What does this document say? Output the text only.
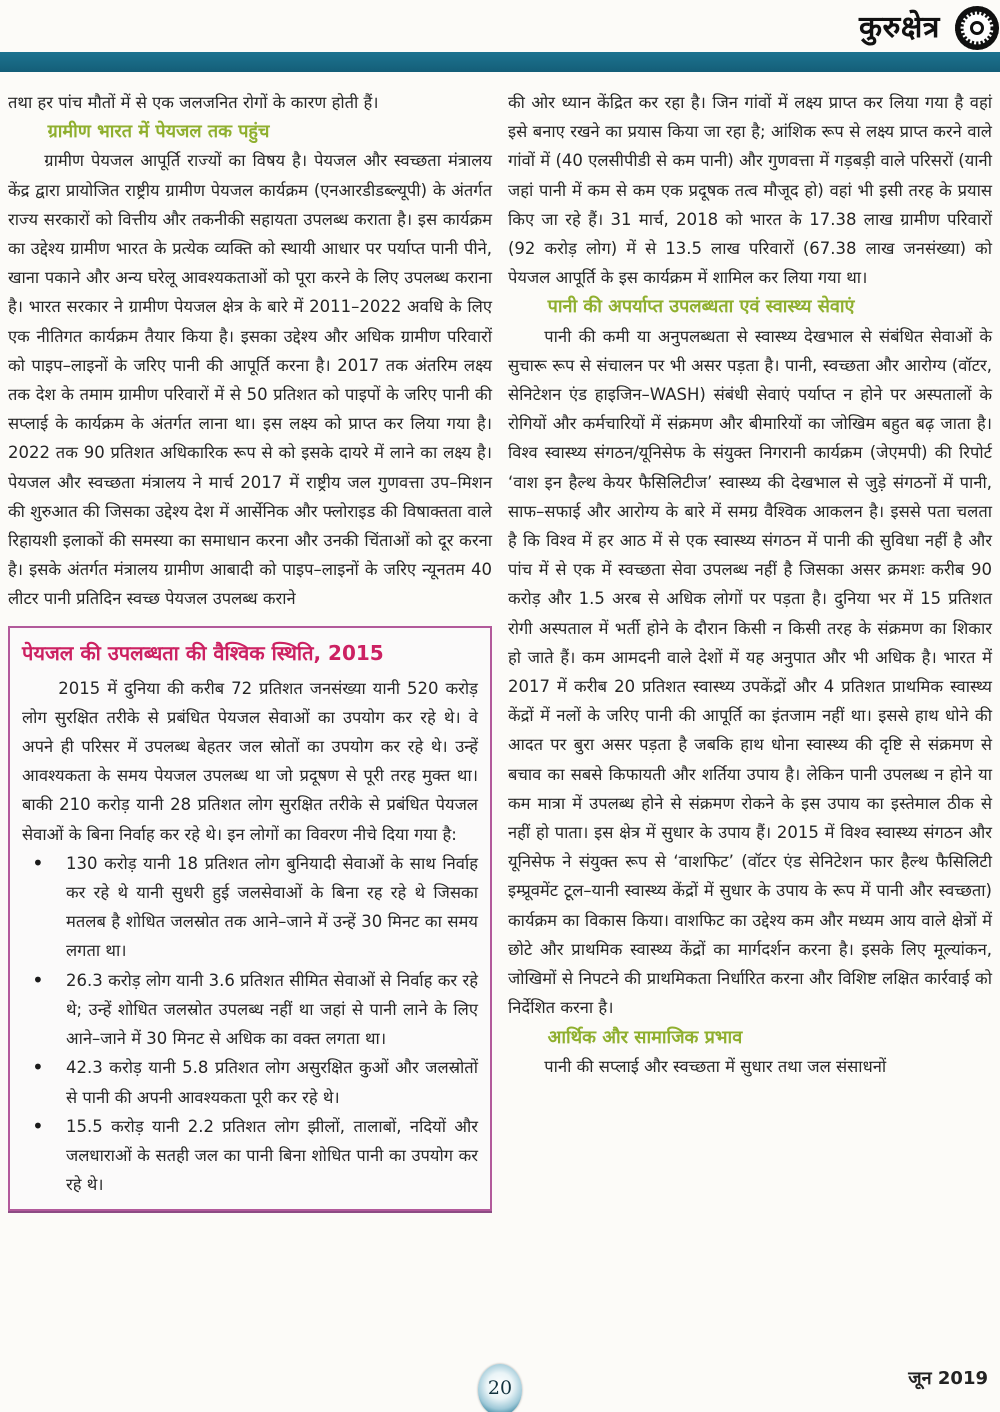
कुरुक्षेत्र

तथा हर पांच मौतों में से एक जलजनित रोगों के कारण होती हैं।

ग्रामीण भारत में पेयजल तक पहुंच

ग्रामीण पेयजल आपूर्ति राज्यों का विषय है। पेयजल और स्वच्छता मंत्रालय केंद्र द्वारा प्रायोजित राष्ट्रीय ग्रामीण पेयजल कार्यक्रम (एनआरडीडब्ल्यूपी) के अंतर्गत राज्य सरकारों को वित्तीय और तकनीकी सहायता उपलब्ध कराता है। इस कार्यक्रम का उद्देश्य ग्रामीण भारत के प्रत्येक व्यक्ति को स्थायी आधार पर पर्याप्त पानी पीने, खाना पकाने और अन्य घरेलू आवश्यकताओं को पूरा करने के लिए उपलब्ध कराना है। भारत सरकार ने ग्रामीण पेयजल क्षेत्र के बारे में 2011–2022 अवधि के लिए एक नीतिगत कार्यक्रम तैयार किया है। इसका उद्देश्य और अधिक ग्रामीण परिवारों को पाइप–लाइनों के जरिए पानी की आपूर्ति करना है। 2017 तक अंतरिम लक्ष्य तक देश के तमाम ग्रामीण परिवारों में से 50 प्रतिशत को पाइपों के जरिए पानी की सप्लाई के कार्यक्रम के अंतर्गत लाना था। इस लक्ष्य को प्राप्त कर लिया गया है। 2022 तक 90 प्रतिशत अधिकारिक रूप से को इसके दायरे में लाने का लक्ष्य है। पेयजल और स्वच्छता मंत्रालय ने मार्च 2017 में राष्ट्रीय जल गुणवत्ता उप–मिशन की शुरुआत की जिसका उद्देश्य देश में आर्सेनिक और फ्लोराइड की विषाक्तता वाले रिहायशी इलाकों की समस्या का समाधान करना और उनकी चिंताओं को दूर करना है। इसके अंतर्गत मंत्रालय ग्रामीण आबादी को पाइप–लाइनों के जरिए न्यूनतम 40 लीटर पानी प्रतिदिन स्वच्छ पेयजल उपलब्ध कराने

पेयजल की उपलब्धता की वैश्विक स्थिति, 2015

2015 में दुनिया की करीब 72 प्रतिशत जनसंख्या यानी 520 करोड़ लोग सुरक्षित तरीके से प्रबंधित पेयजल सेवाओं का उपयोग कर रहे थे। वे अपने ही परिसर में उपलब्ध बेहतर जल स्रोतों का उपयोग कर रहे थे। उन्हें आवश्यकता के समय पेयजल उपलब्ध था जो प्रदूषण से पूरी तरह मुक्त था। बाकी 210 करोड़ यानी 28 प्रतिशत लोग सुरक्षित तरीके से प्रबंधित पेयजल सेवाओं के बिना निर्वाह कर रहे थे। इन लोगों का विवरण नीचे दिया गया है:

• 130 करोड़ यानी 18 प्रतिशत लोग बुनियादी सेवाओं के साथ निर्वाह कर रहे थे यानी सुधरी हुई जलसेवाओं के बिना रह रहे थे जिसका मतलब है शोधित जलस्रोत तक आने–जाने में उन्हें 30 मिनट का समय लगता था।
• 26.3 करोड़ लोग यानी 3.6 प्रतिशत सीमित सेवाओं से निर्वाह कर रहे थे; उन्हें शोधित जलस्रोत उपलब्ध नहीं था जहां से पानी लाने के लिए आने–जाने में 30 मिनट से अधिक का वक्त लगता था।
• 42.3 करोड़ यानी 5.8 प्रतिशत लोग असुरक्षित कुओं और जलस्रोतों से पानी की अपनी आवश्यकता पूरी कर रहे थे।
• 15.5 करोड़ यानी 2.2 प्रतिशत लोग झीलों, तालाबों, नदियों और जलधाराओं के सतही जल का पानी बिना शोधित पानी का उपयोग कर रहे थे।

की ओर ध्यान केंद्रित कर रहा है। जिन गांवों में लक्ष्य प्राप्त कर लिया गया है वहां इसे बनाए रखने का प्रयास किया जा रहा है; आंशिक रूप से लक्ष्य प्राप्त करने वाले गांवों में (40 एलसीपीडी से कम पानी) और गुणवत्ता में गड़बड़ी वाले परिसरों (यानी जहां पानी में कम से कम एक प्रदूषक तत्व मौजूद हो) वहां भी इसी तरह के प्रयास किए जा रहे हैं। 31 मार्च, 2018 को भारत के 17.38 लाख ग्रामीण परिवारों (92 करोड़ लोग) में से 13.5 लाख परिवारों (67.38 लाख जनसंख्या) को पेयजल आपूर्ति के इस कार्यक्रम में शामिल कर लिया गया था।

पानी की अपर्याप्त उपलब्धता एवं स्वास्थ्य सेवाएं

पानी की कमी या अनुपलब्धता से स्वास्थ्य देखभाल से संबंधित सेवाओं के सुचारू रूप से संचालन पर भी असर पड़ता है। पानी, स्वच्छता और आरोग्य (वॉटर, सेनिटेशन एंड हाइजिन–WASH) संबंधी सेवाएं पर्याप्त न होने पर अस्पतालों के रोगियों और कर्मचारियों में संक्रमण और बीमारियों का जोखिम बहुत बढ़ जाता है। विश्व स्वास्थ्य संगठन/यूनिसेफ के संयुक्त निगरानी कार्यक्रम (जेएमपी) की रिपोर्ट ‘वाश इन हैल्थ केयर फैसिलिटीज’ स्वास्थ्य की देखभाल से जुड़े संगठनों में पानी, साफ–सफाई और आरोग्य के बारे में समग्र वैश्विक आकलन है। इससे पता चलता है कि विश्व में हर आठ में से एक स्वास्थ्य संगठन में पानी की सुविधा नहीं है और पांच में से एक में स्वच्छता सेवा उपलब्ध नहीं है जिसका असर क्रमशः करीब 90 करोड़ और 1.5 अरब से अधिक लोगों पर पड़ता है। दुनिया भर में 15 प्रतिशत रोगी अस्पताल में भर्ती होने के दौरान किसी न किसी तरह के संक्रमण का शिकार हो जाते हैं। कम आमदनी वाले देशों में यह अनुपात और भी अधिक है। भारत में 2017 में करीब 20 प्रतिशत स्वास्थ्य उपकेंद्रों और 4 प्रतिशत प्राथमिक स्वास्थ्य केंद्रों में नलों के जरिए पानी की आपूर्ति का इंतजाम नहीं था। इससे हाथ धोने की आदत पर बुरा असर पड़ता है जबकि हाथ धोना स्वास्थ्य की दृष्टि से संक्रमण से बचाव का सबसे किफायती और शर्तिया उपाय है। लेकिन पानी उपलब्ध न होने या कम मात्रा में उपलब्ध होने से संक्रमण रोकने के इस उपाय का इस्तेमाल ठीक से नहीं हो पाता। इस क्षेत्र में सुधार के उपाय हैं। 2015 में विश्व स्वास्थ्य संगठन और यूनिसेफ ने संयुक्त रूप से ‘वाशफिट’ (वॉटर एंड सेनिटेशन फार हैल्थ फैसिलिटी इम्प्रूवमेंट टूल–यानी स्वास्थ्य केंद्रों में सुधार के उपाय के रूप में पानी और स्वच्छता) कार्यक्रम का विकास किया। वाशफिट का उद्देश्य कम और मध्यम आय वाले क्षेत्रों में छोटे और प्राथमिक स्वास्थ्य केंद्रों का मार्गदर्शन करना है। इसके लिए मूल्यांकन, जोखिमों से निपटने की प्राथमिकता निर्धारित करना और विशिष्ट लक्षित कार्रवाई को निर्देशित करना है।

आर्थिक और सामाजिक प्रभाव

पानी की सप्लाई और स्वच्छता में सुधार तथा जल संसाधनों

जून 2019
20
